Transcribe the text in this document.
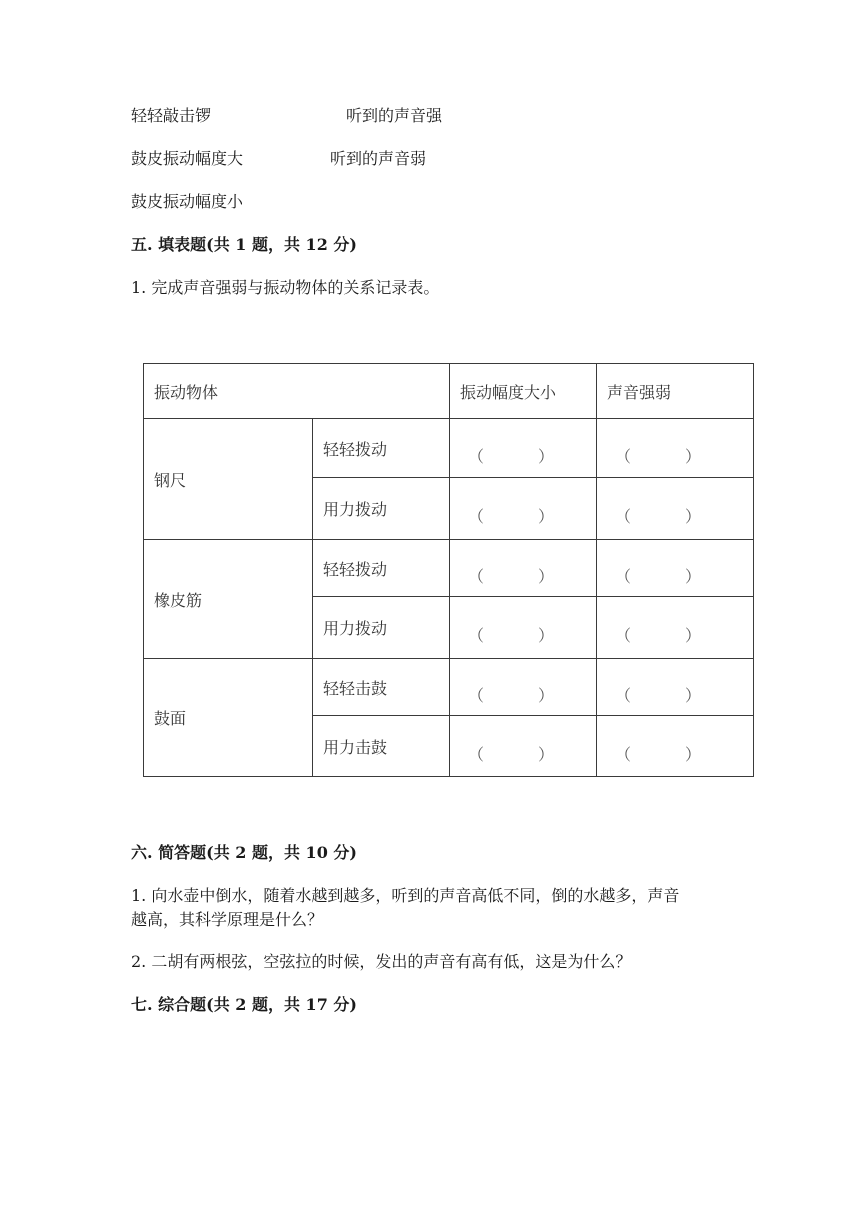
轻轻敲击锣	听到的声音强
鼓皮振动幅度大	听到的声音弱
鼓皮振动幅度小
五. 填表题(共 1 题，共 12 分)
1. 完成声音强弱与振动物体的关系记录表。
振动物体		振动幅度大小	声音强弱
钢尺	轻轻拨动	（ ）	（ ）

	用力拨动	（ ）	（ ）

橡皮筋	轻轻拨动	（ ）	（ ）

	用力拨动	（ ）	（ ）

鼓面	轻轻击鼓	（ ）	（ ）

	用力击鼓	（ ）	（ ）
六. 简答题(共 2 题，共 10 分)
1. 向水壶中倒水，随着水越到越多，听到的声音高低不同，倒的水越多，声音
越高，其科学原理是什么？
2. 二胡有两根弦，空弦拉的时候，发出的声音有高有低，这是为什么？
七. 综合题(共 2 题，共 17 分)
